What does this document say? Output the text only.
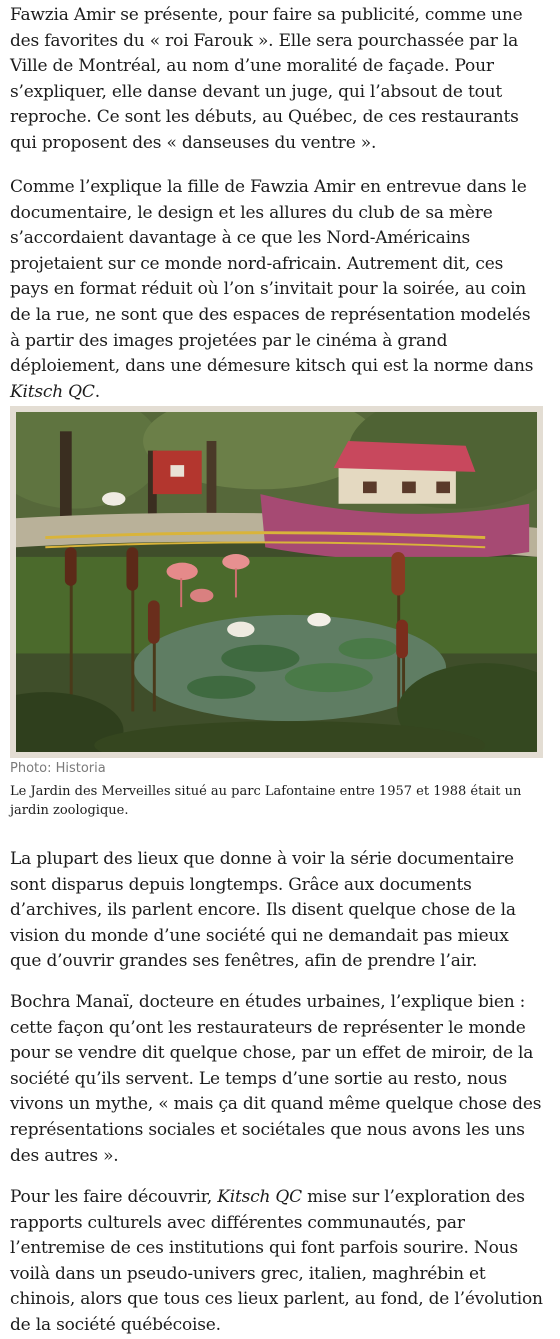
Fawzia Amir se présente, pour faire sa publicité, comme une des favorites du « roi Farouk ». Elle sera pourchassée par la Ville de Montréal, au nom d’une moralité de façade. Pour s’expliquer, elle danse devant un juge, qui l’absout de tout reproche. Ce sont les débuts, au Québec, de ces restaurants qui proposent des « danseuses du ventre ».

Comme l’explique la fille de Fawzia Amir en entrevue dans le documentaire, le design et les allures du club de sa mère s’accordaient davantage à ce que les Nord-Américains projetaient sur ce monde nord-africain. Autrement dit, ces pays en format réduit où l’on s’invitait pour la soirée, au coin de la rue, ne sont que des espaces de représentation modelés à partir des images projetées par le cinéma à grand déploiement, dans une démesure kitsch qui est la norme dans Kitsch QC.

Photo: Historia

Le Jardin des Merveilles situé au parc Lafontaine entre 1957 et 1988 était un jardin zoologique.

La plupart des lieux que donne à voir la série documentaire sont disparus depuis longtemps. Grâce aux documents d’archives, ils parlent encore. Ils disent quelque chose de la vision du monde d’une société qui ne demandait pas mieux que d’ouvrir grandes ses fenêtres, afin de prendre l’air.

Bochra Manaï, docteure en études urbaines, l’explique bien : cette façon qu’ont les restaurateurs de représenter le monde pour se vendre dit quelque chose, par un effet de miroir, de la société qu’ils servent. Le temps d’une sortie au resto, nous vivons un mythe, « mais ça dit quand même quelque chose des représentations sociales et sociétales que nous avons les uns des autres ».

Pour les faire découvrir, Kitsch QC mise sur l’exploration des rapports culturels avec différentes communautés, par l’entremise de ces institutions qui font parfois sourire. Nous voilà dans un pseudo-univers grec, italien, maghrébin et chinois, alors que tous ces lieux parlent, au fond, de l’évolution de la société québécoise.
